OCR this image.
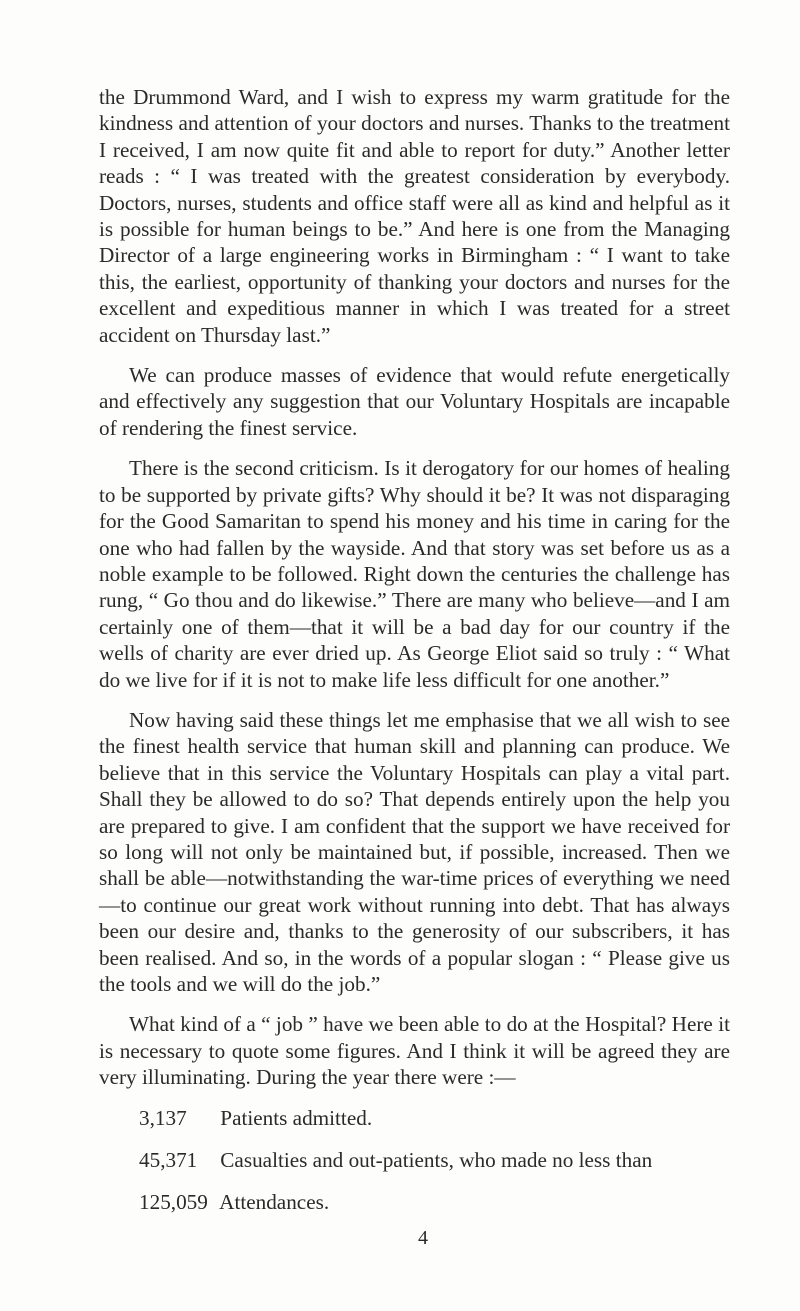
the Drummond Ward, and I wish to express my warm gratitude for the kindness and attention of your doctors and nurses. Thanks to the treatment I received, I am now quite fit and able to report for duty.” Another letter reads : “ I was treated with the greatest consideration by everybody. Doctors, nurses, students and office staff were all as kind and helpful as it is possible for human beings to be.” And here is one from the Managing Director of a large engineering works in Birmingham : “ I want to take this, the earliest, opportunity of thanking your doctors and nurses for the excellent and expeditious manner in which I was treated for a street accident on Thursday last.”

We can produce masses of evidence that would refute energetically and effectively any suggestion that our Voluntary Hospitals are incapable of rendering the finest service.

There is the second criticism. Is it derogatory for our homes of healing to be supported by private gifts? Why should it be? It was not disparaging for the Good Samaritan to spend his money and his time in caring for the one who had fallen by the wayside. And that story was set before us as a noble example to be followed. Right down the centuries the challenge has rung, “ Go thou and do likewise.” There are many who believe—and I am certainly one of them—that it will be a bad day for our country if the wells of charity are ever dried up. As George Eliot said so truly : “ What do we live for if it is not to make life less difficult for one another.”

Now having said these things let me emphasise that we all wish to see the finest health service that human skill and planning can produce. We believe that in this service the Voluntary Hospitals can play a vital part. Shall they be allowed to do so? That depends entirely upon the help you are prepared to give. I am confident that the support we have received for so long will not only be maintained but, if possible, increased. Then we shall be able—notwithstanding the war-time prices of everything we need—to continue our great work without running into debt. That has always been our desire and, thanks to the generosity of our subscribers, it has been realised. And so, in the words of a popular slogan : “ Please give us the tools and we will do the job.”

What kind of a “ job ” have we been able to do at the Hospital? Here it is necessary to quote some figures. And I think it will be agreed they are very illuminating. During the year there were :—

3,137 Patients admitted.
45,371 Casualties and out-patients, who made no less than
125,059 Attendances.
4
